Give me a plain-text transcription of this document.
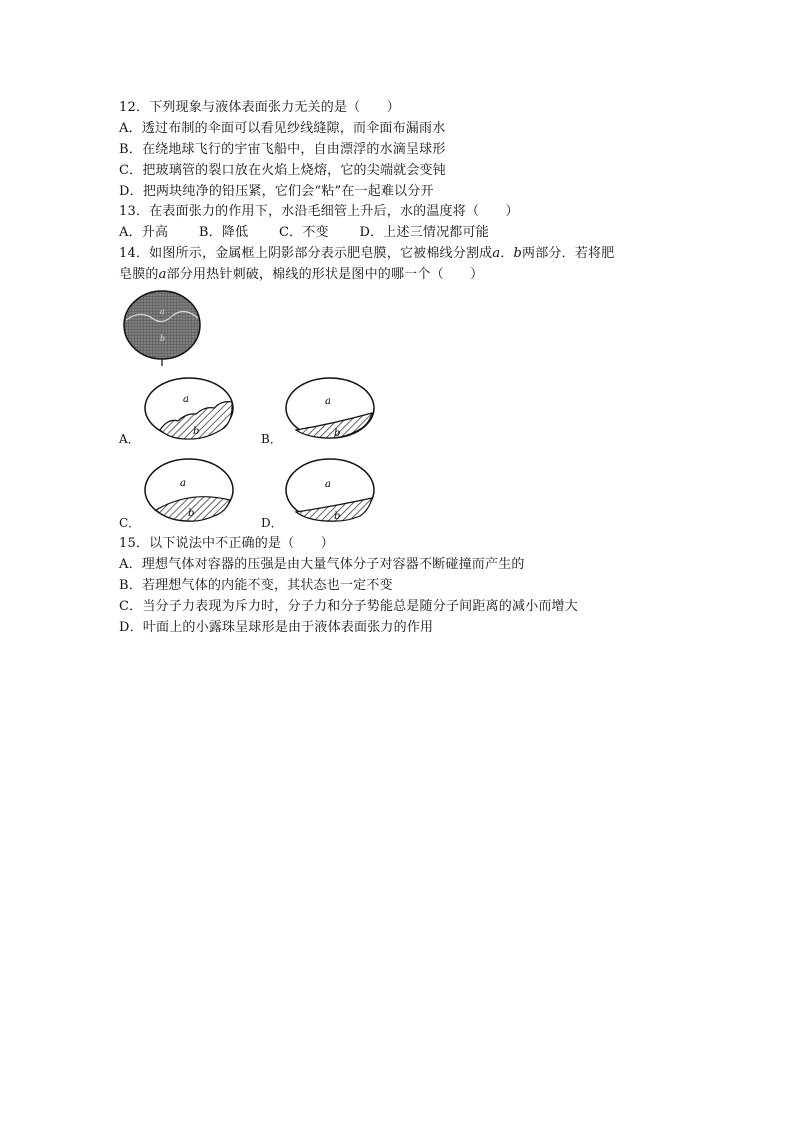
12．下列现象与液体表面张力无关的是（　　）
A．透过布制的伞面可以看见纱线缝隙，而伞面布漏雨水
B．在绕地球飞行的宇宙飞船中，自由漂浮的水滴呈球形
C．把玻璃管的裂口放在火焰上烧熔，它的尖端就会变钝
D．把两块纯净的铅压紧，它们会“粘”在一起难以分开
13．在表面张力的作用下，水沿毛细管上升后，水的温度将（　　）
A．升高　　 B．降低　　 C．不变　　 D．上述三情况都可能
14．如图所示，金属框上阴影部分表示肥皂膜，它被棉线分割成a．b两部分．若将肥
皂膜的a部分用热针刺破，棉线的形状是图中的哪一个（　　）
a
b
a
b
a
b
a
b
a
b
A．	B．
C．	D．
15．以下说法中不正确的是（　　）
A．理想气体对容器的压强是由大量气体分子对容器不断碰撞而产生的
B．若理想气体的内能不变，其状态也一定不变
C．当分子力表现为斥力时，分子力和分子势能总是随分子间距离的减小而增大
D．叶面上的小露珠呈球形是由于液体表面张力的作用
